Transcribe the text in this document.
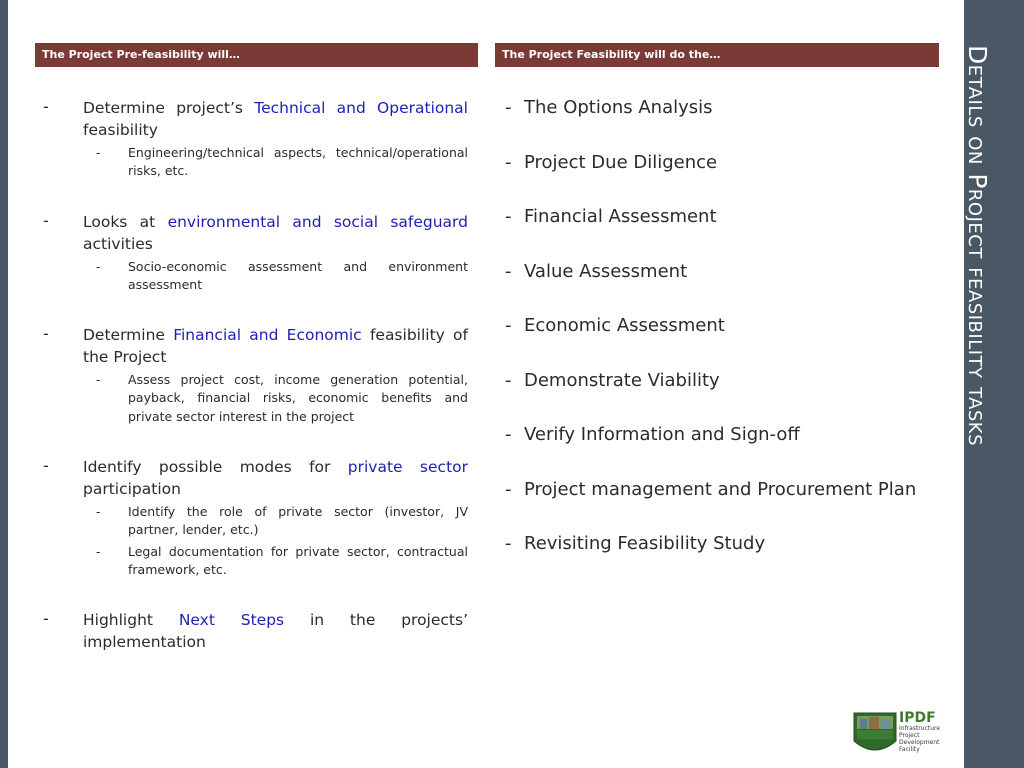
Details on Project feasibility tasks
The Project Pre-feasibility will…	The Project Feasibility will do the…
- Determine project’s Technical and Operational feasibility
- Engineering/technical aspects, technical/operational risks, etc.
- Looks at environmental and social safeguard activities
- Socio-economic assessment and environment assessment
- Determine Financial and Economic feasibility of the Project
- Assess project cost, income generation potential, payback, financial risks, economic benefits and private sector interest in the project
- Identify possible modes for private sector participation
- Identify the role of private sector (investor, JV partner, lender, etc.)
- Legal documentation for private sector, contractual framework, etc.
- Highlight Next Steps in the projects’ implementation
- The Options Analysis
- Project Due Diligence
- Financial Assessment
- Value Assessment
- Economic Assessment
- Demonstrate Viability
- Verify Information and Sign-off
- Project management and Procurement Plan
- Revisiting Feasibility Study
IPDF
Infrastructure
Project
Development
Facility
